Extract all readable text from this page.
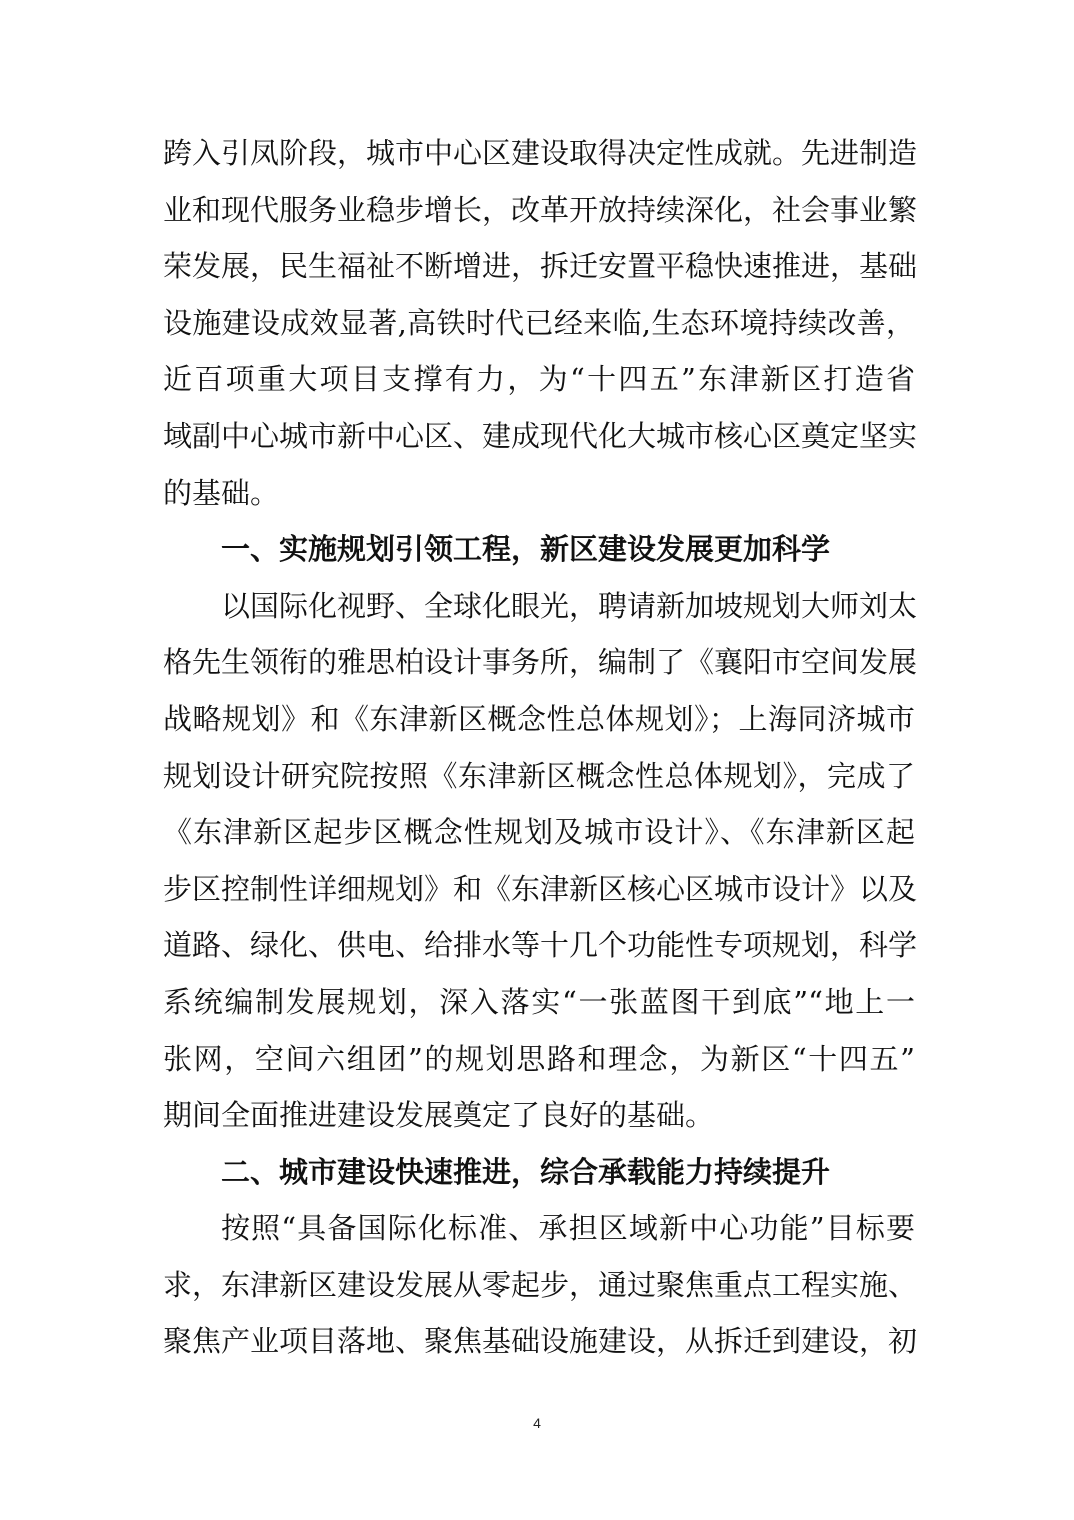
跨入引凤阶段，城市中心区建设取得决定性成就。先进制造
业和现代服务业稳步增长，改革开放持续深化，社会事业繁
荣发展，民生福祉不断增进，拆迁安置平稳快速推进，基础
设施建设成效显著,高铁时代已经来临,生态环境持续改善，
近百项重大项目支撑有力，为“十四五”东津新区打造省
域副中心城市新中心区、建成现代化大城市核心区奠定坚实
的基础。
一、实施规划引领工程，新区建设发展更加科学
以国际化视野、全球化眼光，聘请新加坡规划大师刘太
格先生领衔的雅思柏设计事务所，编制了《襄阳市空间发展
战略规划》和《东津新区概念性总体规划》；上海同济城市
规划设计研究院按照《东津新区概念性总体规划》，完成了
《东津新区起步区概念性规划及城市设计》、《东津新区起
步区控制性详细规划》和《东津新区核心区城市设计》以及
道路、绿化、供电、给排水等十几个功能性专项规划，科学
系统编制发展规划，深入落实“一张蓝图干到底”“地上一
张网，空间六组团”的规划思路和理念，为新区“十四五”
期间全面推进建设发展奠定了良好的基础。
二、城市建设快速推进，综合承载能力持续提升
按照“具备国际化标准、承担区域新中心功能”目标要
求，东津新区建设发展从零起步，通过聚焦重点工程实施、
聚焦产业项目落地、聚焦基础设施建设，从拆迁到建设，初
4
